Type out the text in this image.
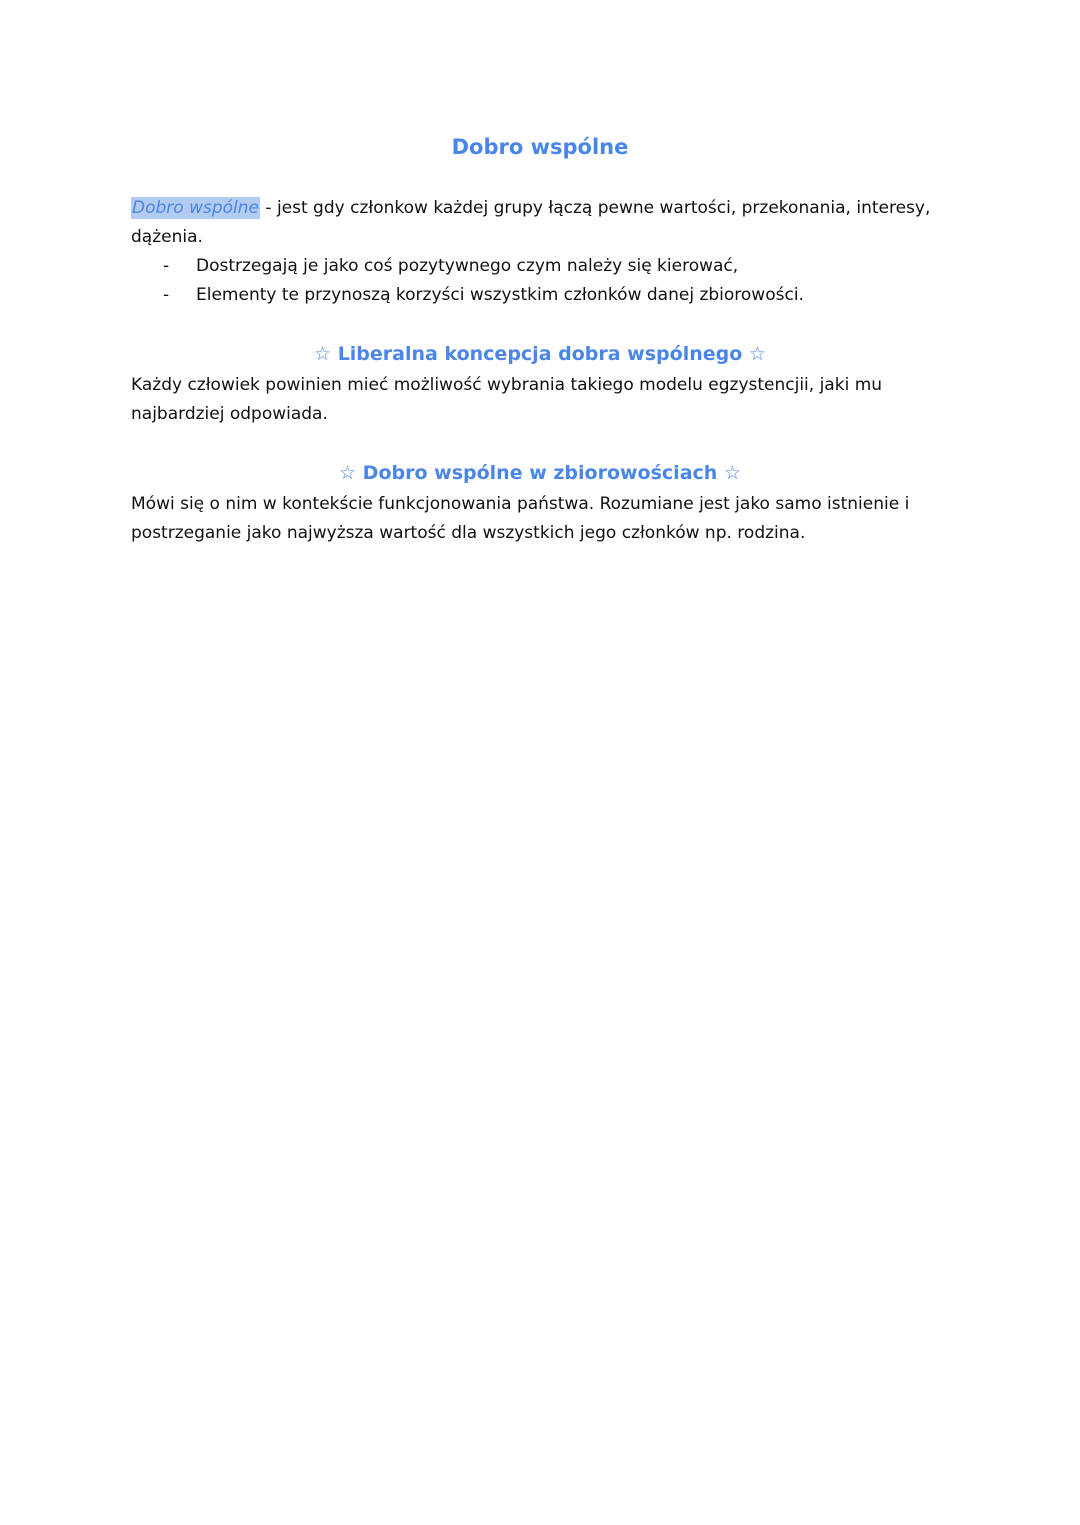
Dobro wspólne
Dobro wspólne - jest gdy członkow każdej grupy łączą pewne wartości, przekonania, interesy,
dążenia.
- Dostrzegają je jako coś pozytywnego czym należy się kierować,
- Elementy te przynoszą korzyści wszystkim członków danej zbiorowości.
☆ Liberalna koncepcja dobra wspólnego ☆
Każdy człowiek powinien mieć możliwość wybrania takiego modelu egzystencjii, jaki mu
najbardziej odpowiada.
☆ Dobro wspólne w zbiorowościach ☆
Mówi się o nim w kontekście funkcjonowania państwa. Rozumiane jest jako samo istnienie i
postrzeganie jako najwyższa wartość dla wszystkich jego członków np. rodzina.
